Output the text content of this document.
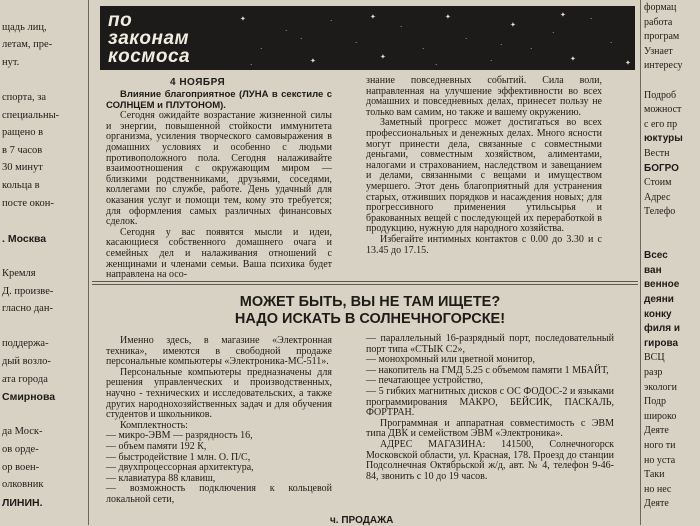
щадь лиц,
летам, пре-
нут.
спорта, за
специальны-
ращено в
в 7 часов
30 минут
кольца в
посте окон-
. Москва
Кремля
Д. произве-
гласно дан-
поддержа-
дый возло-
ата города
Смирнова
да Моск-
ов орде-
ор воен-
олковник
ЛИНИН.
формац
работа
програм
Узнает
интересу
Подроб
можност
с его пр
юктуры
Вестн
БОГРО
Стоим
Адрес
Телефо
Всес
ван
венное
деяни
конку
филя и
гирова
ВСЦ
разр
экологи
Подр
широко
Деяте
ного ти
но уста
Таки
но нес
Деяте
по
законам
космоса
✦
·
·
✦
·
·
✦
·
·
✦
·
·
✦
·
·
✦
·
·
✦
·
·
✦
·
·
✦
4 НОЯБРЯ

Влияние благоприятное (ЛУНА в секстиле с СОЛНЦЕМ и ПЛУТОНОМ).

Сегодня ожидайте возрастание жизненной силы и энергии, повышенной стойкости иммунитета организма, усиления творческого самовыражения в домашних условиях и особенно с людьми противоположного пола. Сегодня налаживайте взаимоотношения с окружающим миром — близкими родственниками, друзьями, соседями, коллегами по службе, работе. День удачный для оказания услуг и помощи тем, кому это требуется; для оформления самых различных финансовых сделок.

Сегодня у вас появятся мысли и идеи, касающиеся собственного домашнего очага и семейных дел и налаживания отношений с женщинами и членами семьи. Ваша психика будет направлена на осо-

знание повседневных событий. Сила воли, направленная на улучшение эффективности во всех домашних и повседневных делах, принесет пользу не только вам самим, но также и вашему окружению.

Заметный прогресс может достигаться во всех профессиональных и денежных делах. Много ясности могут принести дела, связанные с совместными деньгами, совместным хозяйством, алиментами, налогами и страхованием, наследством и завещанием и делами, связанными с вещами и имуществом умершего. Этот день благоприятный для устранения старых, отживших порядков и насаждения новых; для прогрессивного применения утильсырья и бракованных вещей с последующей их переработкой в продукцию, нужную для народного хозяйства.

Избегайте интимных контактов с 0.00 до 3.30 и с 13.45 до 17.15.

МОЖЕТ БЫТЬ, ВЫ НЕ ТАМ ИЩЕТЕ?
НАДО ИСКАТЬ В СОЛНЕЧНОГОРСКЕ!

Именно здесь, в магазине «Электронная техника», имеются в свободной продаже персональные компьютеры «Электроника-МС-511».

Персональные компьютеры предназначены для решения управленческих и производственных, научно - технических и исследовательских, а также других народнохозяйственных задач и для обучения студентов и школьников.

Комплектность:

— микро-ЭВМ — разрядность 16,
— объем памяти 192 К,
— быстродействие 1 млн. О. П/С,
— двухпроцессорная архитектура,
— клавиатура 88 клавиш,
— возможность подключения к кольцевой локальной сети,
— параллельный 16-разрядный порт, последовательный порт типа «СТЫК С2»,
— монохромный или цветной монитор,
— накопитель на ГМД 5.25 с объемом памяти 1 МБАЙТ,
— печатающее устройство,
— 5 гибких магнитных дисков с ОС ФОДОС-2 и языками программирования МАКРО, БЕЙСИК, ПАСКАЛЬ, ФОРТРАН.

Программная и аппаратная совместимость с ЭВМ типа ДВК и семейством ЭВМ «Электроника».

АДРЕС МАГАЗИНА: 141500, Солнечногорск Московской области, ул. Красная, 178. Проезд до станции Подсолнечная Октябрьской ж/д, авт. № 4, телефон 9-46-84, звонить с 10 до 19 часов.

ч. ПРОДАЖА
